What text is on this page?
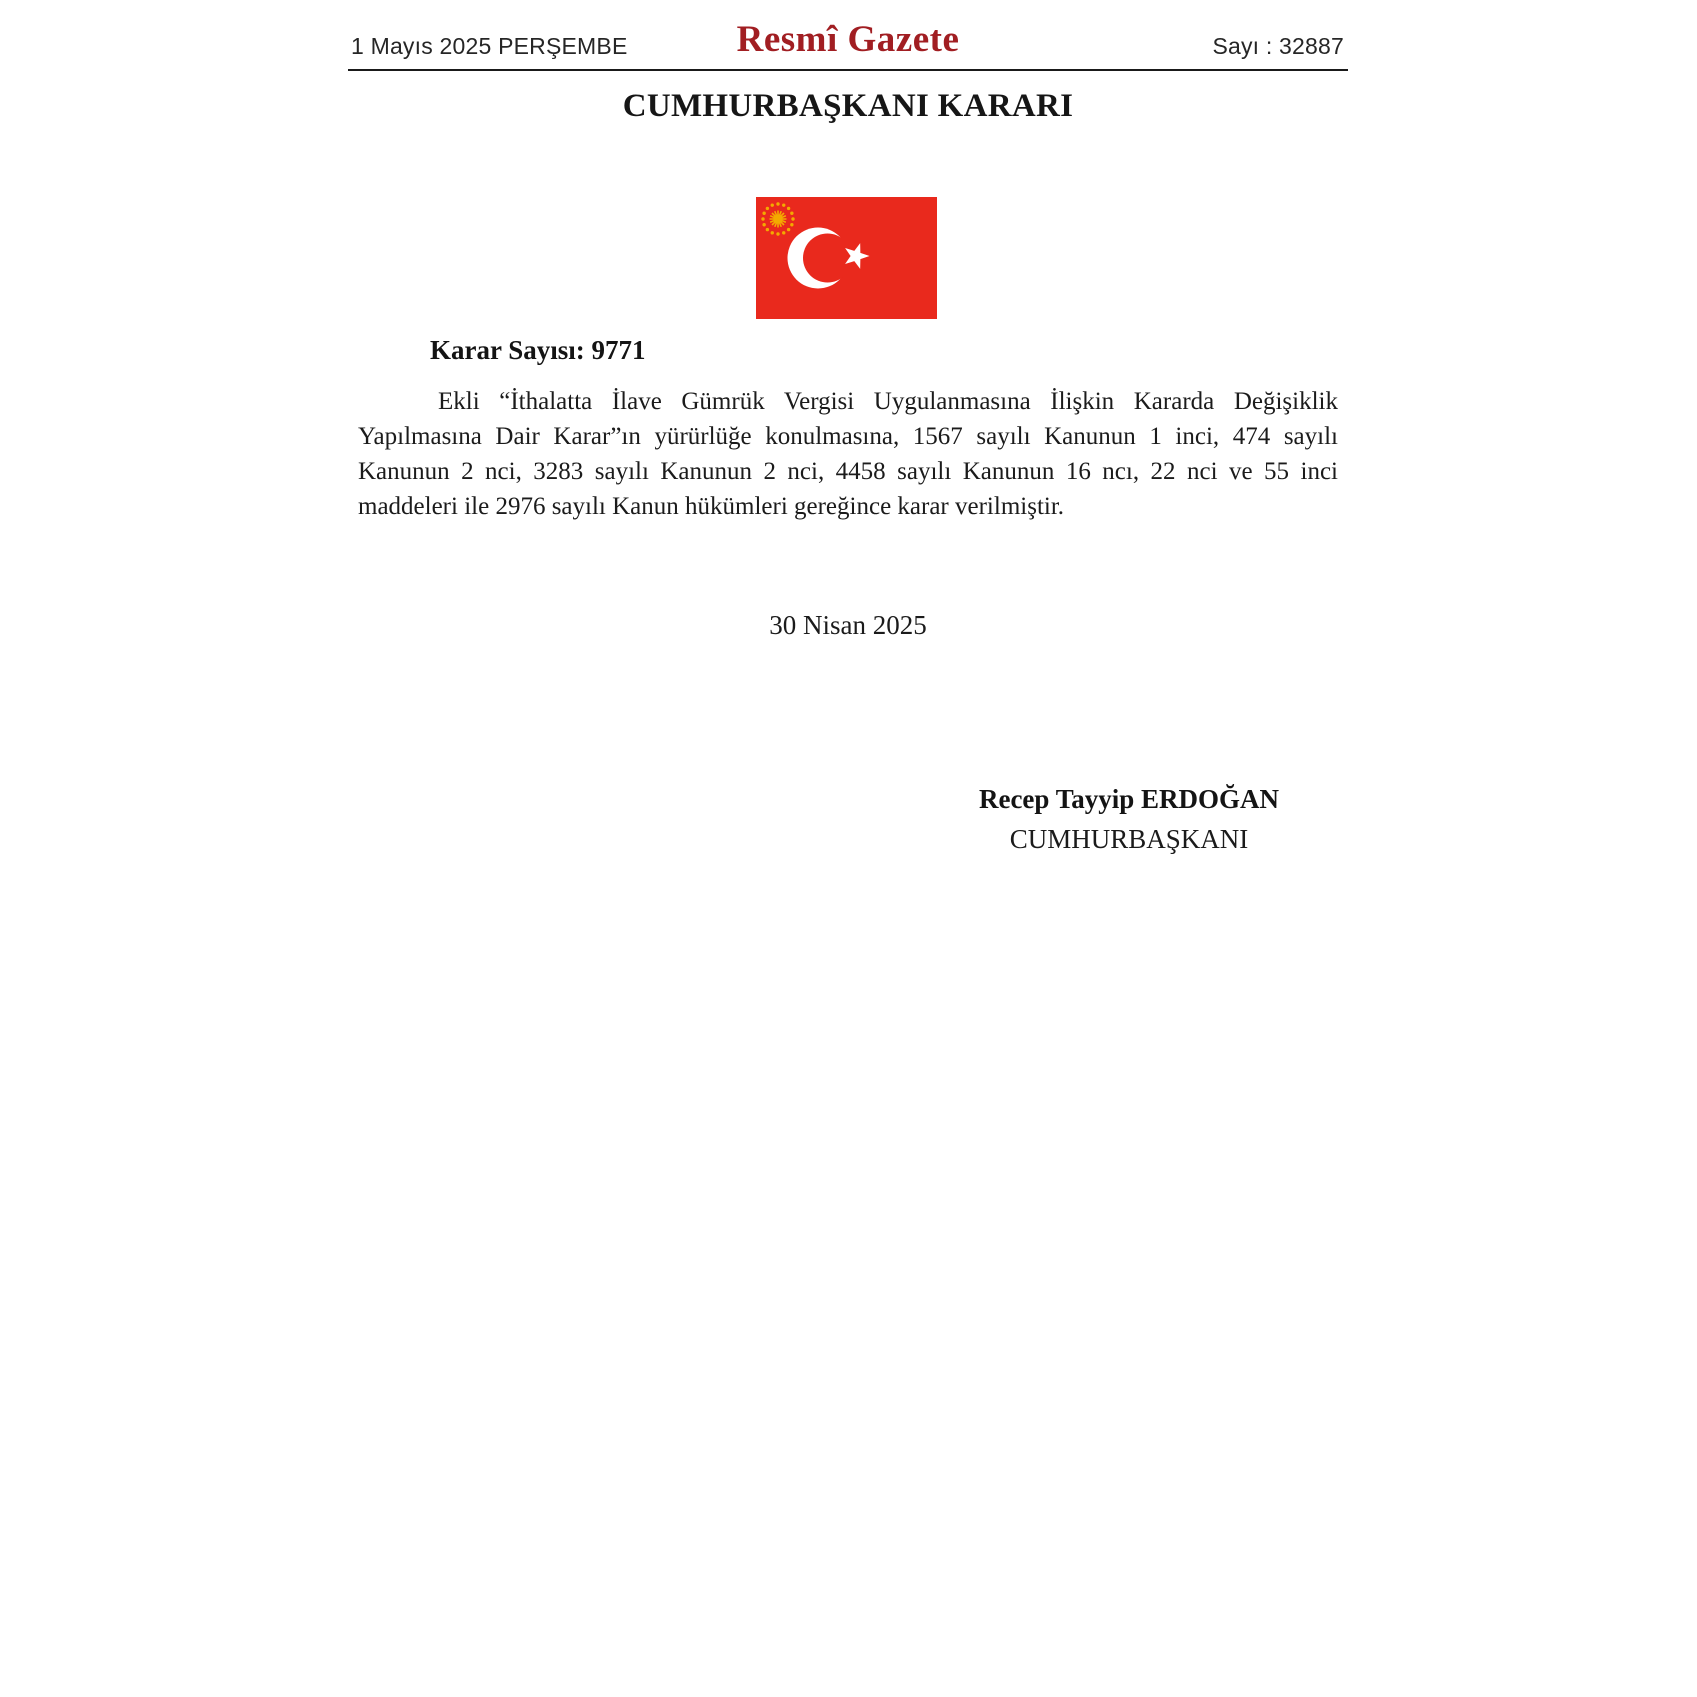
1 Mayıs 2025 PERŞEMBE	Resmî Gazete	Sayı : 32887
CUMHURBAŞKANI KARARI
Karar Sayısı: 9771
Ekli “İthalatta İlave Gümrük Vergisi Uygulanmasına İlişkin Kararda Değişiklik
Yapılmasına Dair Karar”ın yürürlüğe konulmasına, 1567 sayılı Kanunun 1 inci, 474 sayılı
Kanunun 2 nci, 3283 sayılı Kanunun 2 nci, 4458 sayılı Kanunun 16 ncı, 22 nci ve 55 inci
maddeleri ile 2976 sayılı Kanun hükümleri gereğince karar verilmiştir.
30 Nisan 2025
Recep Tayyip ERDOĞAN
CUMHURBAŞKANI
